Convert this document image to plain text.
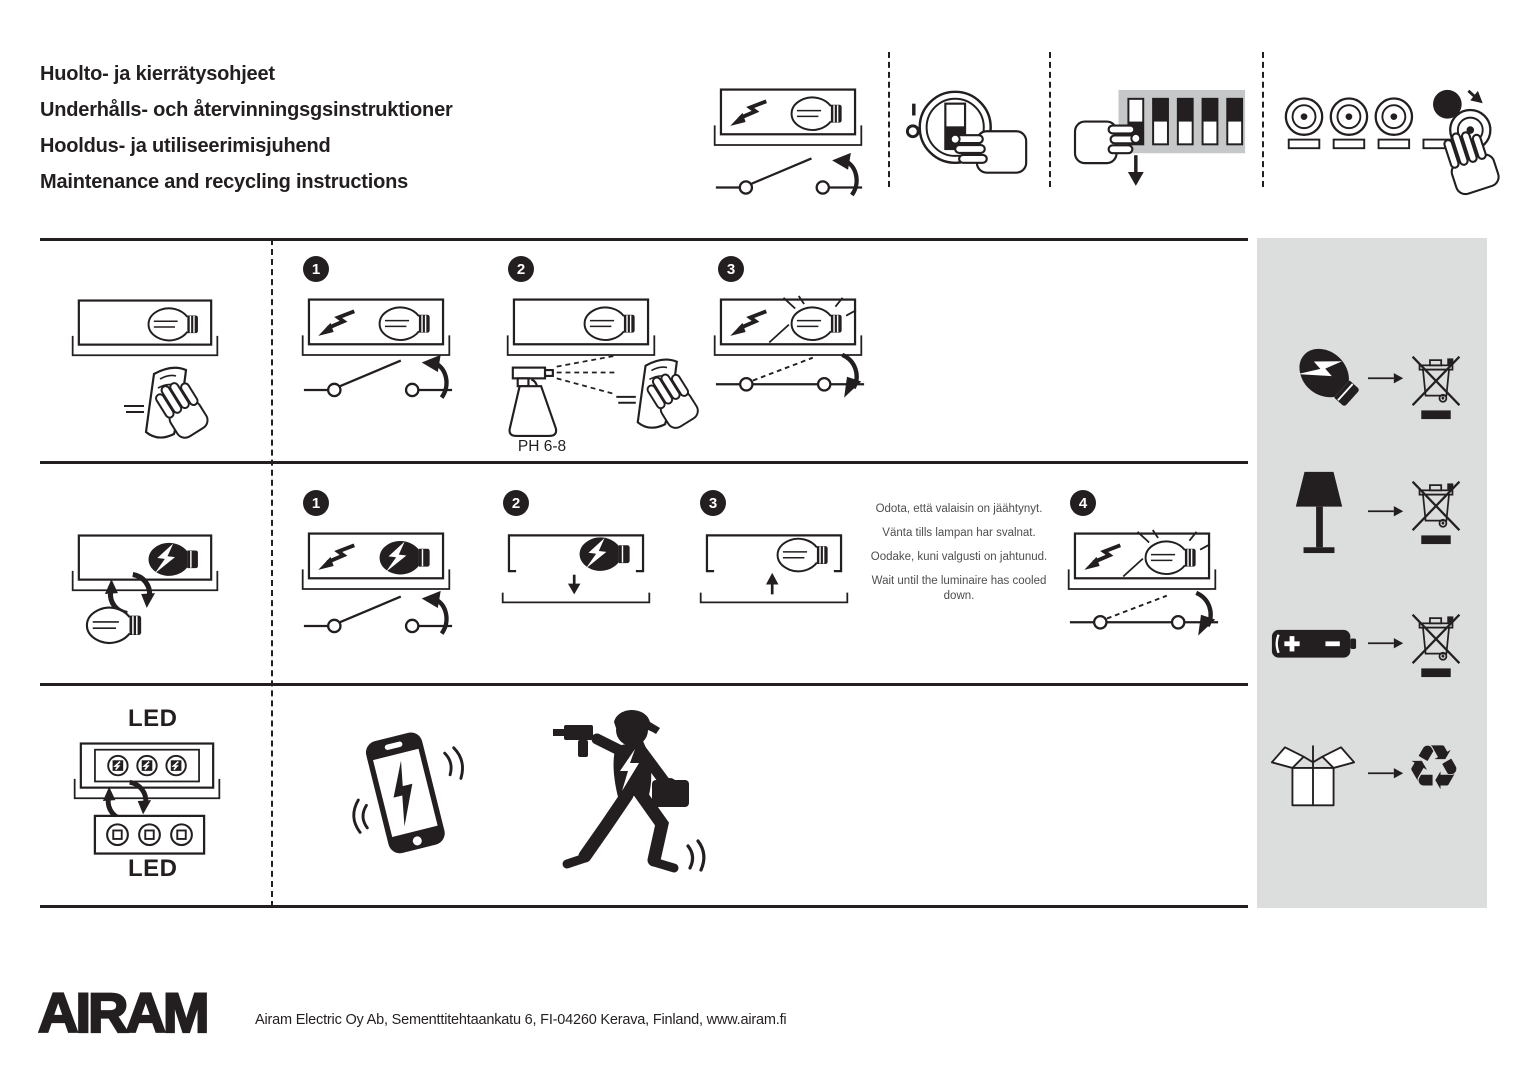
Huolto- ja kierrätysohjeet
Underhålls- och återvinningsgsinstruktioner
Hooldus- ja utiliseerimisjuhend
Maintenance and recycling instructions
1	2
PH 6-8
3
1	2	3	Odota, että valaisin on jäähtynyt.

Vänta tills lampan har svalnat.

Oodake, kuni valgusti on jahtunud.

Wait until the luminaire has cooled down.

4
LED
LED
♻
AIRAM	Airam Electric Oy Ab, Sementtitehtaankatu 6, FI-04260 Kerava, Finland, www.airam.fi
